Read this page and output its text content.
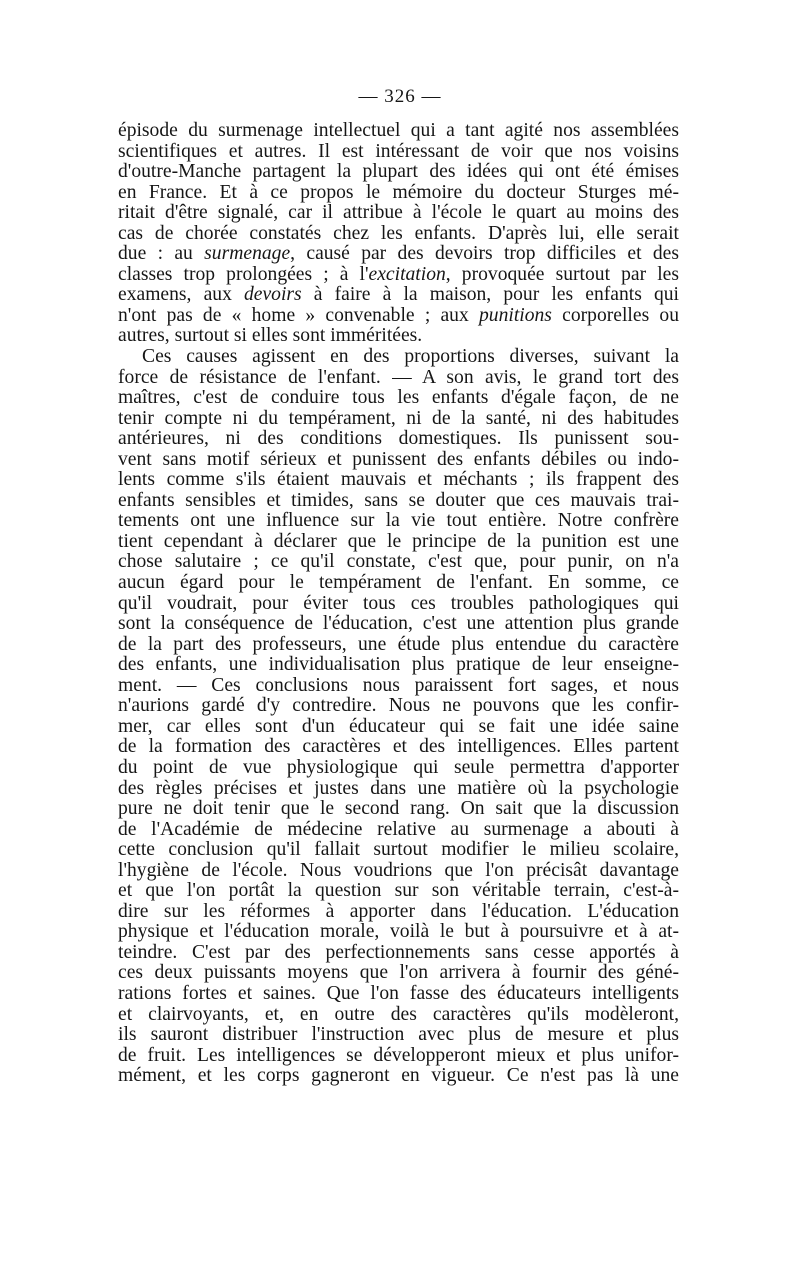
— 326 —
épisode du surmenage intellectuel qui a tant agité nos assemblées
scientifiques et autres. Il est intéressant de voir que nos voisins
d'outre-Manche partagent la plupart des idées qui ont été émises
en France. Et à ce propos le mémoire du docteur Sturges mé-
ritait d'être signalé, car il attribue à l'école le quart au moins des
cas de chorée constatés chez les enfants. D'après lui, elle serait
due : au surmenage, causé par des devoirs trop difficiles et des
classes trop prolongées ; à l'excitation, provoquée surtout par les
examens, aux devoirs à faire à la maison, pour les enfants qui
n'ont pas de « home » convenable ; aux punitions corporelles ou
autres, surtout si elles sont imméritées.
Ces causes agissent en des proportions diverses, suivant la
force de résistance de l'enfant. — A son avis, le grand tort des
maîtres, c'est de conduire tous les enfants d'égale façon, de ne
tenir compte ni du tempérament, ni de la santé, ni des habitudes
antérieures, ni des conditions domestiques. Ils punissent sou-
vent sans motif sérieux et punissent des enfants débiles ou indo-
lents comme s'ils étaient mauvais et méchants ; ils frappent des
enfants sensibles et timides, sans se douter que ces mauvais trai-
tements ont une influence sur la vie tout entière. Notre confrère
tient cependant à déclarer que le principe de la punition est une
chose salutaire ; ce qu'il constate, c'est que, pour punir, on n'a
aucun égard pour le tempérament de l'enfant. En somme, ce
qu'il voudrait, pour éviter tous ces troubles pathologiques qui
sont la conséquence de l'éducation, c'est une attention plus grande
de la part des professeurs, une étude plus entendue du caractère
des enfants, une individualisation plus pratique de leur enseigne-
ment. — Ces conclusions nous paraissent fort sages, et nous
n'aurions gardé d'y contredire. Nous ne pouvons que les confir-
mer, car elles sont d'un éducateur qui se fait une idée saine
de la formation des caractères et des intelligences. Elles partent
du point de vue physiologique qui seule permettra d'apporter
des règles précises et justes dans une matière où la psychologie
pure ne doit tenir que le second rang. On sait que la discussion
de l'Académie de médecine relative au surmenage a abouti à
cette conclusion qu'il fallait surtout modifier le milieu scolaire,
l'hygiène de l'école. Nous voudrions que l'on précisât davantage
et que l'on portât la question sur son véritable terrain, c'est-à-
dire sur les réformes à apporter dans l'éducation. L'éducation
physique et l'éducation morale, voilà le but à poursuivre et à at-
teindre. C'est par des perfectionnements sans cesse apportés à
ces deux puissants moyens que l'on arrivera à fournir des géné-
rations fortes et saines. Que l'on fasse des éducateurs intelligents
et clairvoyants, et, en outre des caractères qu'ils modèleront,
ils sauront distribuer l'instruction avec plus de mesure et plus
de fruit. Les intelligences se développeront mieux et plus unifor-
mément, et les corps gagneront en vigueur. Ce n'est pas là une
